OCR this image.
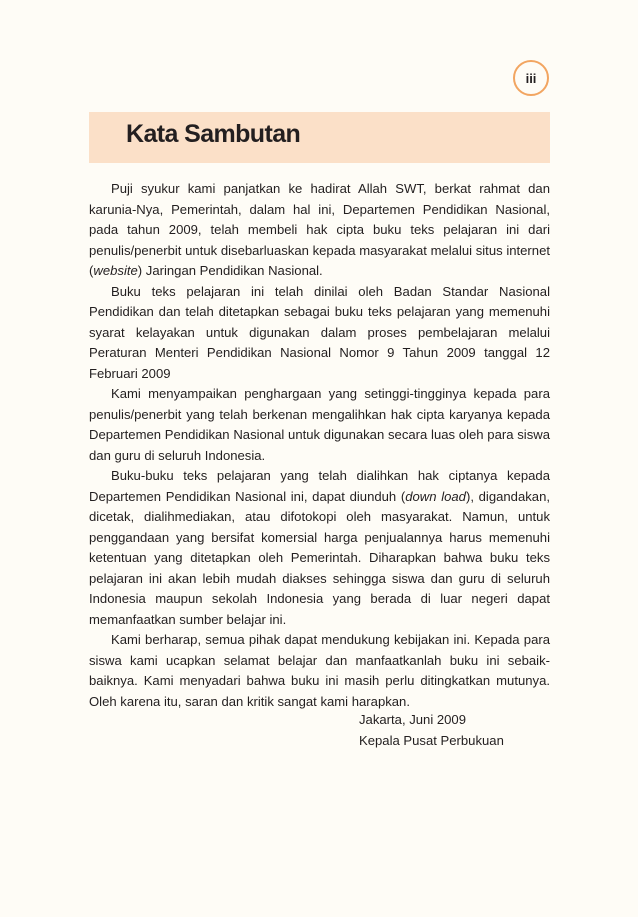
iii
Kata Sambutan

Puji syukur kami panjatkan ke hadirat Allah SWT, berkat rahmat dan karunia-Nya, Pemerintah, dalam hal ini, Departemen Pendidikan Nasional, pada tahun 2009, telah membeli hak cipta buku teks pelajaran ini dari penulis/penerbit untuk disebarluaskan kepada masyarakat melalui situs internet (website) Jaringan Pendidikan Nasional.

Buku teks pelajaran ini telah dinilai oleh Badan Standar Nasional Pendidikan dan telah ditetapkan sebagai buku teks pelajaran yang memenuhi syarat kelayakan untuk digunakan dalam proses pembelajaran melalui Peraturan Menteri Pendidikan Nasional Nomor 9 Tahun 2009 tanggal 12 Februari 2009

Kami menyampaikan penghargaan yang setinggi-tingginya kepada para penulis/penerbit yang telah berkenan mengalihkan hak cipta karyanya kepada Departemen Pendidikan Nasional untuk digunakan secara luas oleh para siswa dan guru di seluruh Indonesia.

Buku-buku teks pelajaran yang telah dialihkan hak ciptanya kepada Departemen Pendidikan Nasional ini, dapat diunduh (down load), digandakan, dicetak, dialihmediakan, atau difotokopi oleh masyarakat. Namun, untuk penggandaan yang bersifat komersial harga penjualannya harus memenuhi ketentuan yang ditetapkan oleh Pemerintah. Diharapkan bahwa buku teks pelajaran ini akan lebih mudah diakses sehingga siswa dan guru di seluruh Indonesia maupun sekolah Indonesia yang berada di luar negeri dapat memanfaatkan sumber belajar ini.

Kami berharap, semua pihak dapat mendukung kebijakan ini. Kepada para siswa kami ucapkan selamat belajar dan manfaatkanlah buku ini sebaik-baiknya. Kami menyadari bahwa buku ini masih perlu ditingkatkan mutunya. Oleh karena itu, saran dan kritik sangat kami harapkan.

Jakarta, Juni 2009
Kepala Pusat Perbukuan
